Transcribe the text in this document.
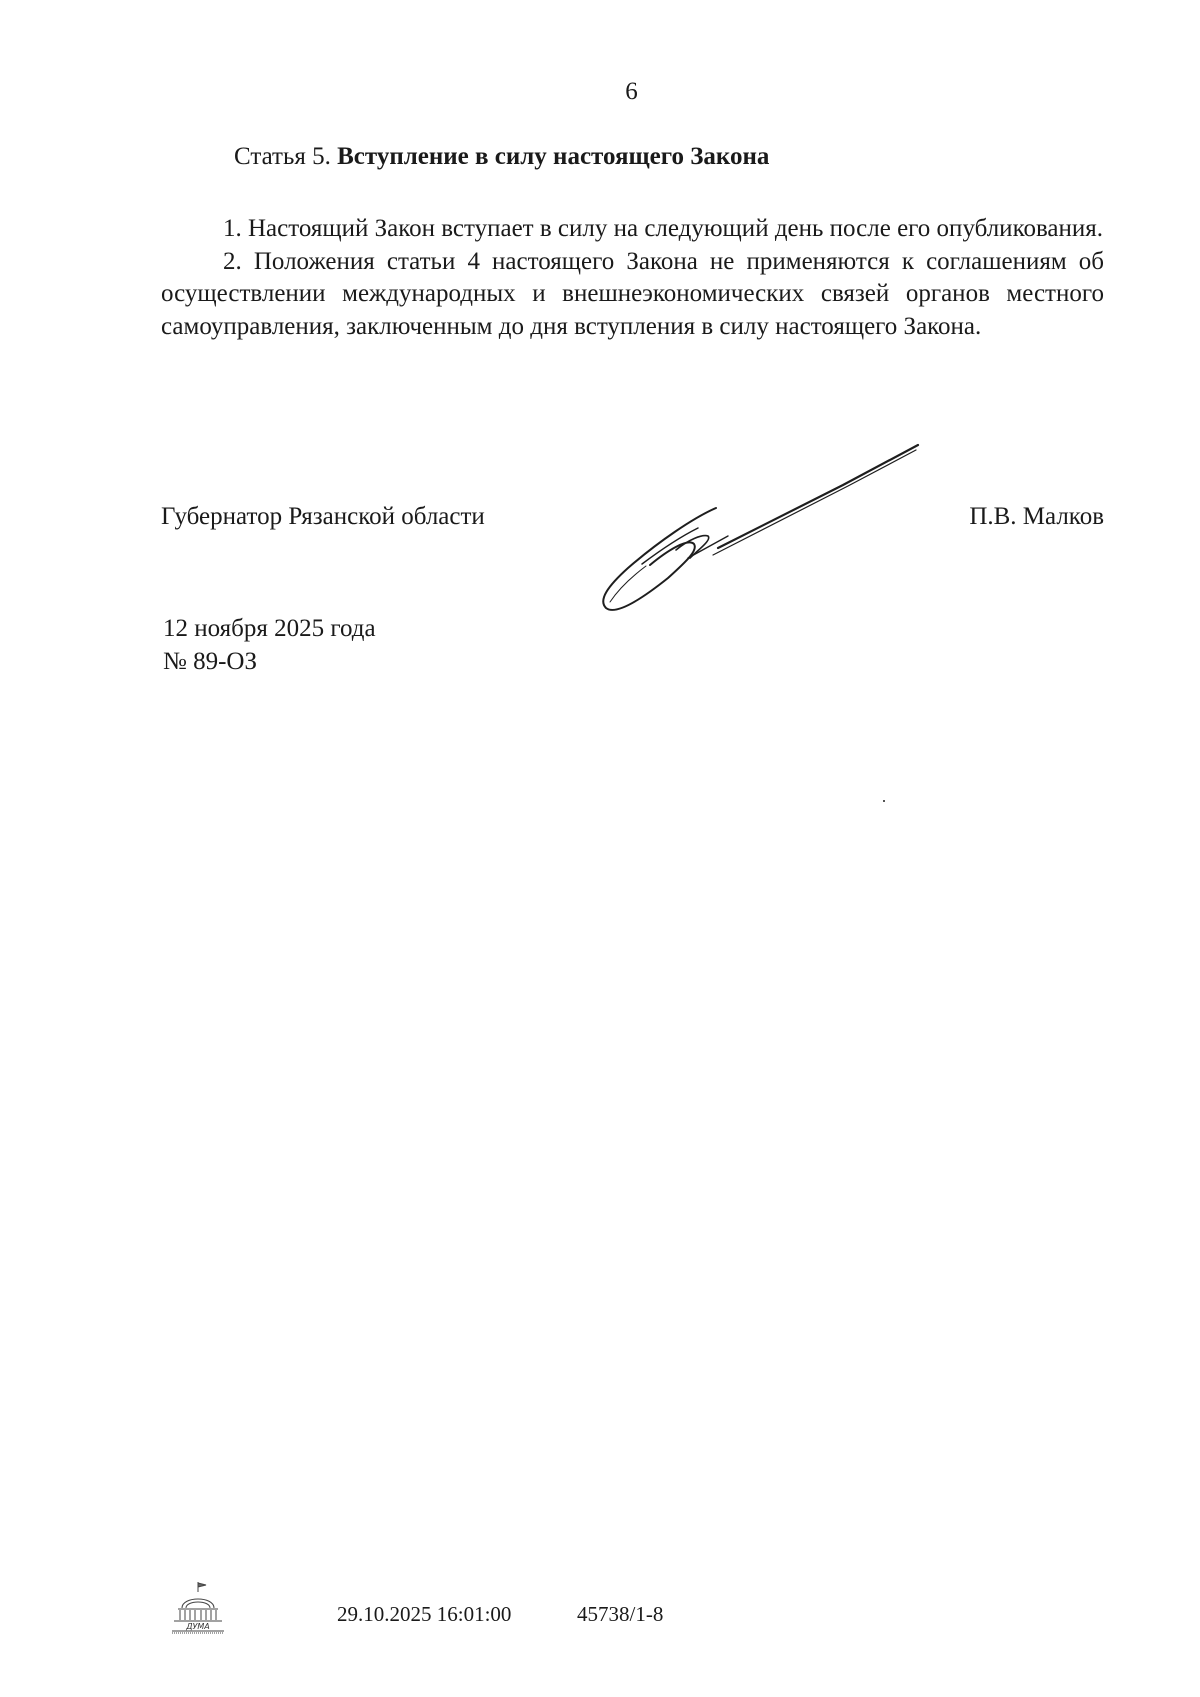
6
Статья 5. Вступление в силу настоящего Закона

1. Настоящий Закон вступает в силу на следующий день после его опубликования.

2. Положения статьи 4 настоящего Закона не применяются к соглашениям об осуществлении международных и внешнеэкономических связей органов местного самоуправления, заключенным до дня вступления в силу настоящего Закона.

Губернатор Рязанской области	П.В. Малков
12 ноября 2025 года
№ 89-ОЗ
ДУМА
29.10.2025 16:01:00	45738/1-8
